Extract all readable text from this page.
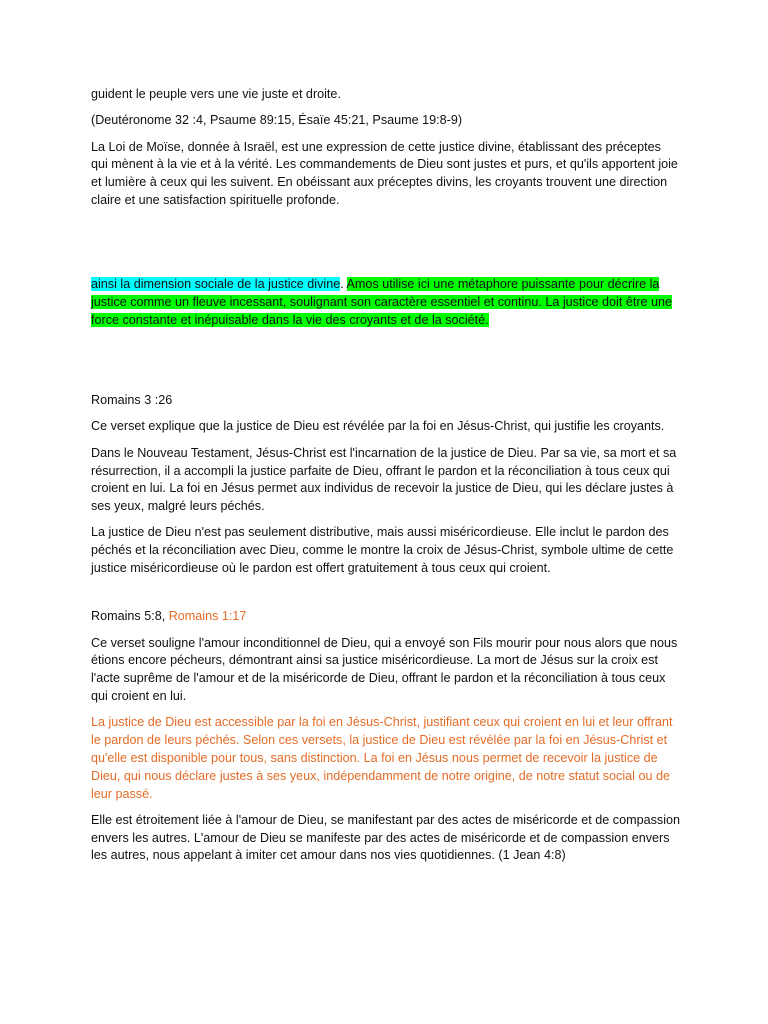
guident le peuple vers une vie juste et droite.

(Deutéronome 32 :4, Psaume 89:15, Ésaïe 45:21, Psaume 19:8-9)

La Loi de Moïse, donnée à Israël, est une expression de cette justice divine, établissant des préceptes qui mènent à la vie et à la vérité. Les commandements de Dieu sont justes et purs, et qu'ils apportent joie et lumière à ceux qui les suivent. En obéissant aux préceptes divins, les croyants trouvent une direction claire et une satisfaction spirituelle profonde.

ainsi la dimension sociale de la justice divine. Amos utilise ici une métaphore puissante pour décrire la justice comme un fleuve incessant, soulignant son caractère essentiel et continu. La justice doit être une force constante et inépuisable dans la vie des croyants et de la société.

Romains 3 :26

Ce verset explique que la justice de Dieu est révélée par la foi en Jésus-Christ, qui justifie les croyants.

Dans le Nouveau Testament, Jésus-Christ est l'incarnation de la justice de Dieu. Par sa vie, sa mort et sa résurrection, il a accompli la justice parfaite de Dieu, offrant le pardon et la réconciliation à tous ceux qui croient en lui. La foi en Jésus permet aux individus de recevoir la justice de Dieu, qui les déclare justes à ses yeux, malgré leurs péchés.

La justice de Dieu n'est pas seulement distributive, mais aussi miséricordieuse. Elle inclut le pardon des péchés et la réconciliation avec Dieu, comme le montre la croix de Jésus-Christ, symbole ultime de cette justice miséricordieuse où le pardon est offert gratuitement à tous ceux qui croient.

Romains 5:8, Romains 1:17

Ce verset souligne l'amour inconditionnel de Dieu, qui a envoyé son Fils mourir pour nous alors que nous étions encore pécheurs, démontrant ainsi sa justice miséricordieuse. La mort de Jésus sur la croix est l'acte suprême de l'amour et de la miséricorde de Dieu, offrant le pardon et la réconciliation à tous ceux qui croient en lui.

La justice de Dieu est accessible par la foi en Jésus-Christ, justifiant ceux qui croient en lui et leur offrant le pardon de leurs péchés. Selon ces versets, la justice de Dieu est révélée par la foi en Jésus-Christ et qu'elle est disponible pour tous, sans distinction. La foi en Jésus nous permet de recevoir la justice de Dieu, qui nous déclare justes à ses yeux, indépendamment de notre origine, de notre statut social ou de leur passé.

Elle est étroitement liée à l'amour de Dieu, se manifestant par des actes de miséricorde et de compassion envers les autres. L'amour de Dieu se manifeste par des actes de miséricorde et de compassion envers les autres, nous appelant à imiter cet amour dans nos vies quotidiennes. (1 Jean 4:8)
